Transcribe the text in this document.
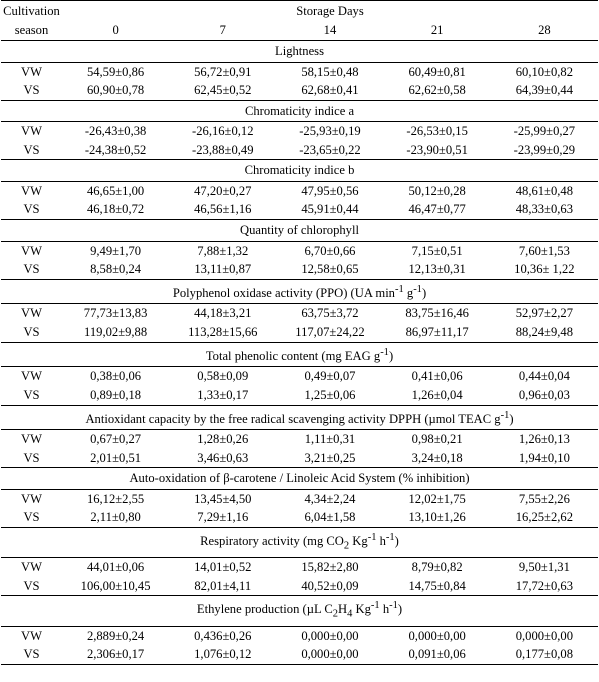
Cultivation	Storage Days				
season	0	7	14	21	28
Lightness					
VW	54,59±0,86	56,72±0,91	58,15±0,48	60,49±0,81	60,10±0,82
VS	60,90±0,78	62,45±0,52	62,68±0,41	62,62±0,58	64,39±0,44
Chromaticity indice a					
VW	-26,43±0,38	-26,16±0,12	-25,93±0,19	-26,53±0,15	-25,99±0,27
VS	-24,38±0,52	-23,88±0,49	-23,65±0,22	-23,90±0,51	-23,99±0,29
Chromaticity indice b					
VW	46,65±1,00	47,20±0,27	47,95±0,56	50,12±0,28	48,61±0,48
VS	46,18±0,72	46,56±1,16	45,91±0,44	46,47±0,77	48,33±0,63
Quantity of chlorophyll					
VW	9,49±1,70	7,88±1,32	6,70±0,66	7,15±0,51	7,60±1,53
VS	8,58±0,24	13,11±0,87	12,58±0,65	12,13±0,31	10,36± 1,22
Polyphenol oxidase activity (PPO) (UA $\min^{-1} g^{-1}$)					
VW	77,73±13,83	44,18±3,21	63,75±3,72	83,75±16,46	52,97±2,27
VS	119,02±9,88	113,28±15,66	117,07±24,22	86,97±11,17	88,24±9,48
Total phenolic content (mg EAG $g^{-1}$)					
VW	0,38±0,06	0,58±0,09	0,49±0,07	0,41±0,06	0,44±0,04
VS	0,89±0,18	1,33±0,17	1,25±0,06	1,26±0,04	0,96±0,03
Antioxidant capacity by the free radical scavenging activity DPPH (µmol TEAC $g^{-1}$)					
VW	0,67±0,27	1,28±0,26	1,11±0,31	0,98±0,21	1,26±0,13
VS	2,01±0,51	3,46±0,63	3,21±0,25	3,24±0,18	1,94±0,10
Auto-oxidation of β-carotene / Linoleic Acid System (% inhibition)					
VW	16,12±2,55	13,45±4,50	4,34±2,24	12,02±1,75	7,55±2,26
VS	2,11±0,80	7,29±1,16	6,04±1,58	13,10±1,26	16,25±2,62
Respiratory activity (mg $CO_2$ $Kg^{-1}$ $h^{-1}$)					
VW	44,01±0,06	14,01±0,52	15,82±2,80	8,79±0,82	9,50±1,31
VS	106,00±10,45	82,01±4,11	40,52±0,09	14,75±0,84	17,72±0,63
Ethylene production (µL $C_2H_4$ $Kg^{-1}$ $h^{-1}$)					
VW	2,889±0,24	0,436±0,26	0,000±0,00	0,000±0,00	0,000±0,00
VS	2,306±0,17	1,076±0,12	0,000±0,00	0,091±0,06	0,177±0,08
